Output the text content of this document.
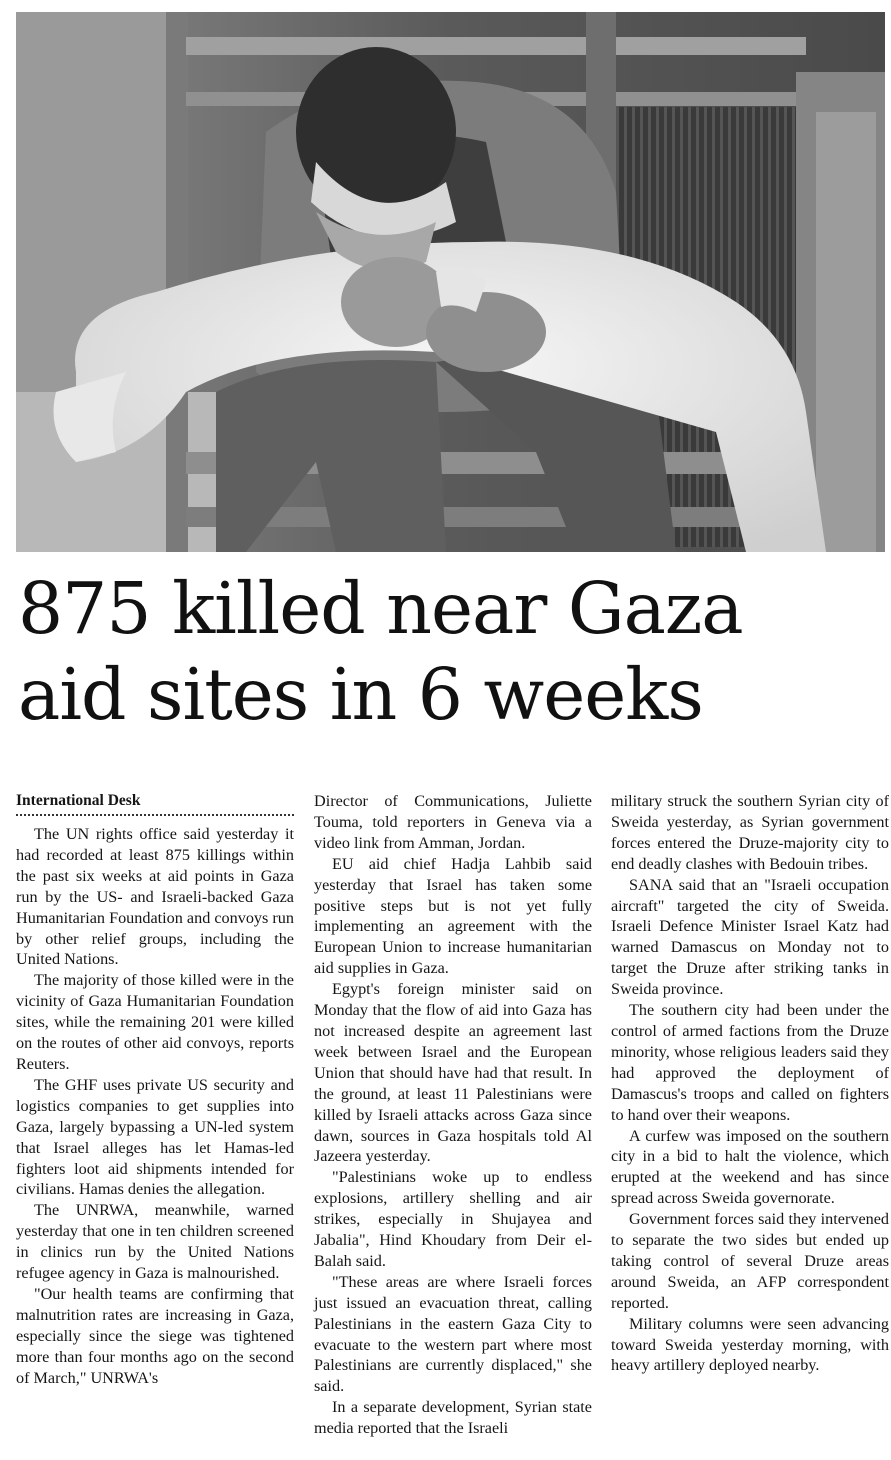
875 killed near Gaza
aid sites in 6 weeks
International Desk

The UN rights office said yesterday it had recorded at least 875 killings within the past six weeks at aid points in Gaza run by the US- and Israeli-backed Gaza Humanitarian Foundation and convoys run by other relief groups, including the United Nations.

The majority of those killed were in the vicinity of Gaza Humanitarian Foundation sites, while the remaining 201 were killed on the routes of other aid convoys, reports Reuters.

The GHF uses private US security and logistics companies to get supplies into Gaza, largely bypassing a UN-led system that Israel alleges has let Hamas-led fighters loot aid shipments intended for civilians. Hamas denies the allegation.

The UNRWA, meanwhile, warned yesterday that one in ten children screened in clinics run by the United Nations refugee agency in Gaza is malnourished.

"Our health teams are confirming that malnutrition rates are increasing in Gaza, especially since the siege was tightened more than four months ago on the second of March," UNRWA's

Director of Communications, Juliette Touma, told reporters in Geneva via a video link from Amman, Jordan.

EU aid chief Hadja Lahbib said yesterday that Israel has taken some positive steps but is not yet fully implementing an agreement with the European Union to increase humanitarian aid supplies in Gaza.

Egypt's foreign minister said on Monday that the flow of aid into Gaza has not increased despite an agreement last week between Israel and the European Union that should have had that result. In the ground, at least 11 Palestinians were killed by Israeli attacks across Gaza since dawn, sources in Gaza hospitals told Al Jazeera yesterday.

"Palestinians woke up to endless explosions, artillery shelling and air strikes, especially in Shujayea and Jabalia", Hind Khoudary from Deir el-Balah said.

"These areas are where Israeli forces just issued an evacuation threat, calling Palestinians in the eastern Gaza City to evacuate to the western part where most Palestinians are currently displaced," she said.

In a separate development, Syrian state media reported that the Israeli

military struck the southern Syrian city of Sweida yesterday, as Syrian government forces entered the Druze-majority city to end deadly clashes with Bedouin tribes.

SANA said that an "Israeli occupation aircraft" targeted the city of Sweida. Israeli Defence Minister Israel Katz had warned Damascus on Monday not to target the Druze after striking tanks in Sweida province.

The southern city had been under the control of armed factions from the Druze minority, whose religious leaders said they had approved the deployment of Damascus's troops and called on fighters to hand over their weapons.

A curfew was imposed on the southern city in a bid to halt the violence, which erupted at the weekend and has since spread across Sweida governorate.

Government forces said they intervened to separate the two sides but ended up taking control of several Druze areas around Sweida, an AFP correspondent reported.

Military columns were seen advancing toward Sweida yesterday morning, with heavy artillery deployed nearby.
